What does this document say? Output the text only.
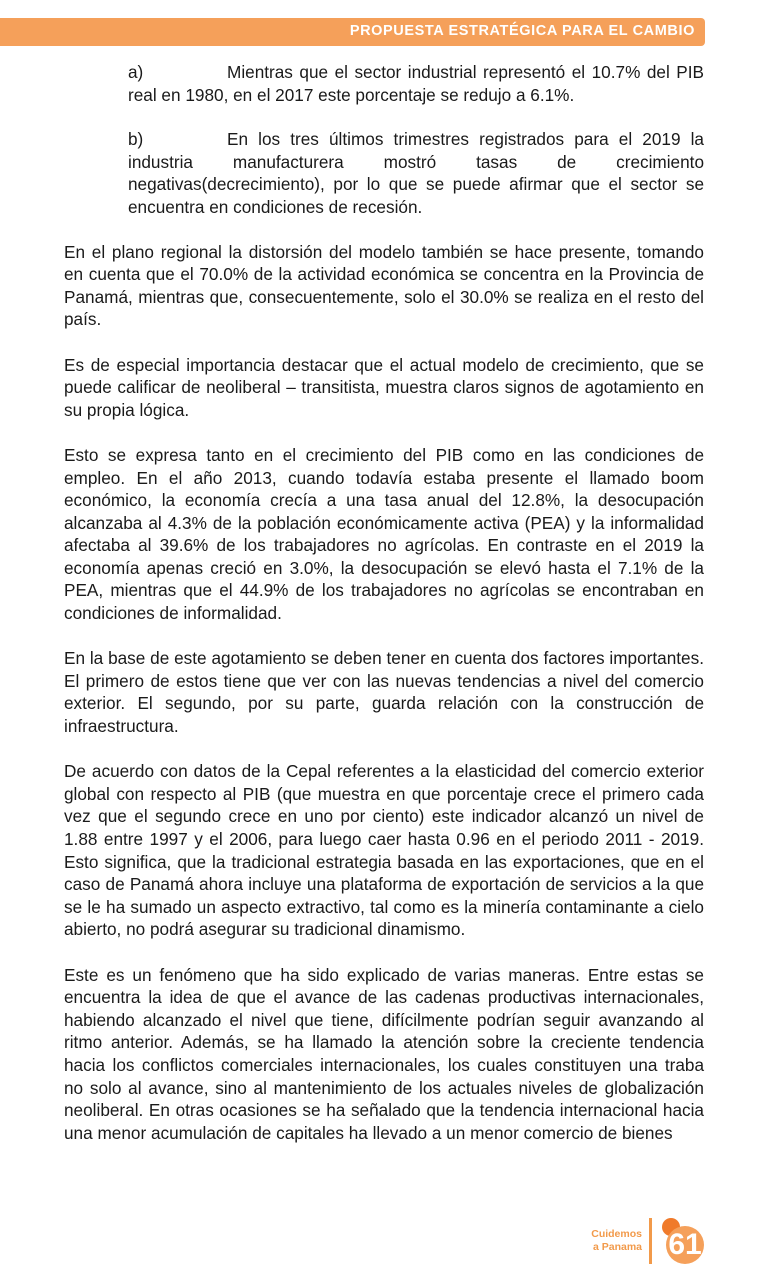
PROPUESTA ESTRATÉGICA PARA EL CAMBIO
a)	Mientras que el sector industrial representó el 10.7% del PIB real en 1980, en el 2017 este porcentaje se redujo a 6.1%.
b)	En los tres últimos trimestres registrados para el 2019 la industria manufacturera mostró tasas de crecimiento negativas(decrecimiento), por lo que se puede afirmar que el sector se encuentra en condiciones de recesión.

En el plano regional la distorsión del modelo también se hace presente, tomando en cuenta que el 70.0% de la actividad económica se concentra en la Provincia de Panamá, mientras que, consecuentemente, solo el 30.0% se realiza en el resto del país.

Es de especial importancia destacar que el actual modelo de crecimiento, que se puede calificar de neoliberal – transitista, muestra claros signos de agotamiento en su propia lógica.

Esto se expresa tanto en el crecimiento del PIB como en las condiciones de empleo. En el año 2013, cuando todavía estaba presente el llamado boom económico, la economía crecía a una tasa anual del 12.8%, la desocupación alcanzaba al 4.3% de la población económicamente activa (PEA) y la informalidad afectaba al 39.6% de los trabajadores no agrícolas. En contraste en el 2019 la economía apenas creció en 3.0%, la desocupación se elevó hasta el 7.1% de la PEA, mientras que el 44.9% de los trabajadores no agrícolas se encontraban en condiciones de informalidad.

En la base de este agotamiento se deben tener en cuenta dos factores importantes. El primero de estos tiene que ver con las nuevas tendencias a nivel del comercio exterior. El segundo, por su parte, guarda relación con la construcción de infraestructura.

De acuerdo con datos de la Cepal referentes a la elasticidad del comercio exterior global con respecto al PIB (que muestra en que porcentaje crece el primero cada vez que el segundo crece en uno por ciento) este indicador alcanzó un nivel de 1.88 entre 1997 y el 2006, para luego caer hasta 0.96 en el periodo 2011 - 2019. Esto significa, que la tradicional estrategia basada en las exportaciones, que en el caso de Panamá ahora incluye una plataforma de exportación de servicios a la que se le ha sumado un aspecto extractivo, tal como es la minería contaminante a cielo abierto, no podrá asegurar su tradicional dinamismo.

Este es un fenómeno que ha sido explicado de varias maneras. Entre estas se encuentra la idea de que el avance de las cadenas productivas internacionales, habiendo alcanzado el nivel que tiene, difícilmente podrían seguir avanzando al ritmo anterior. Además, se ha llamado la atención sobre la creciente tendencia hacia los conflictos comerciales internacionales, los cuales constituyen una traba no solo al avance, sino al mantenimiento de los actuales niveles de globalización neoliberal. En otras ocasiones se ha señalado que la tendencia internacional hacia una menor acumulación de capitales ha llevado a un menor comercio de bienes

Cuidemos
a Panama 61
